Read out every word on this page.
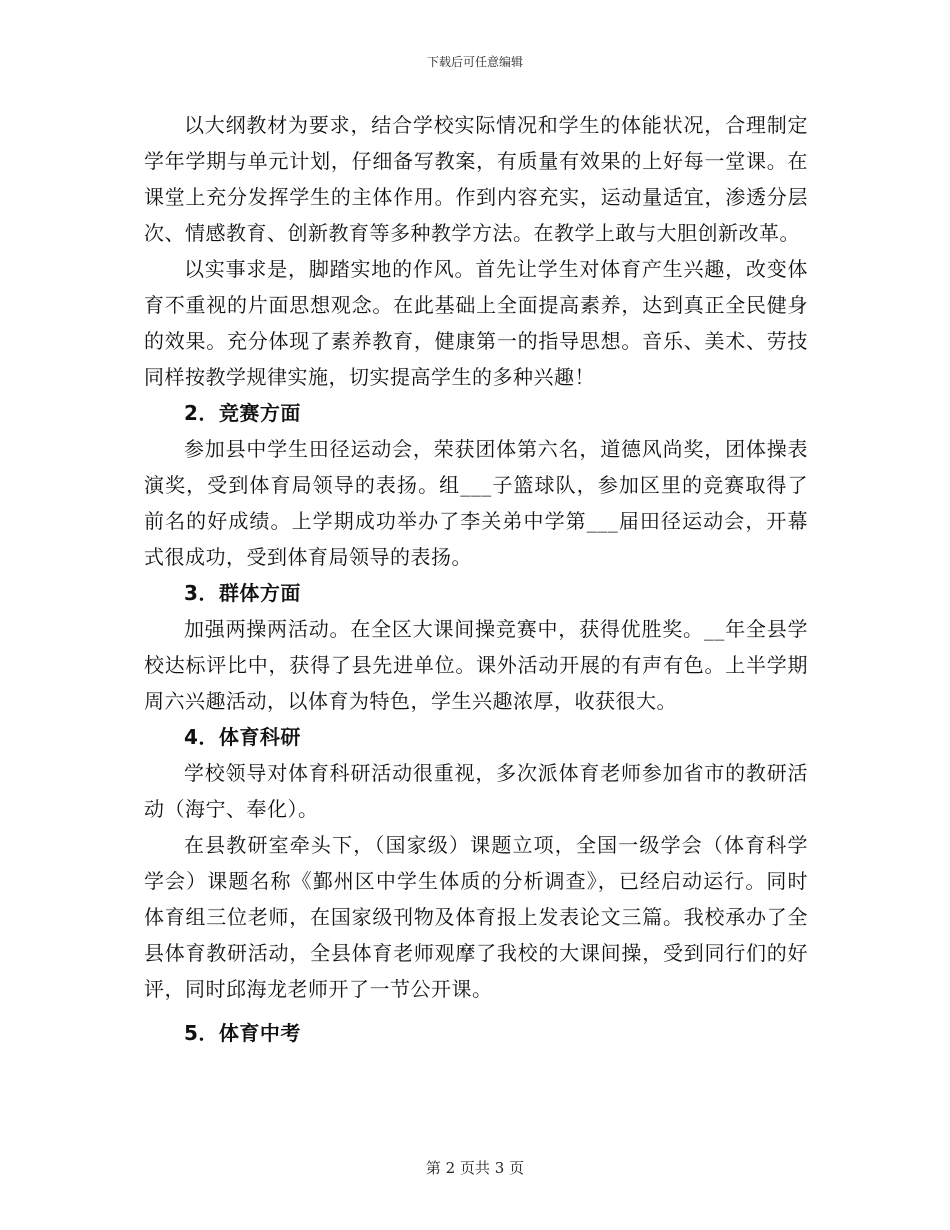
下载后可任意编辑

以大纲教材为要求，结合学校实际情况和学生的体能状况，合理制定学年学期与单元计划，仔细备写教案，有质量有效果的上好每一堂课。在课堂上充分发挥学生的主体作用。作到内容充实，运动量适宜，渗透分层次、情感教育、创新教育等多种教学方法。在教学上敢与大胆创新改革。

以实事求是，脚踏实地的作风。首先让学生对体育产生兴趣，改变体育不重视的片面思想观念。在此基础上全面提高素养，达到真正全民健身的效果。充分体现了素养教育，健康第一的指导思想。音乐、美术、劳技同样按教学规律实施，切实提高学生的多种兴趣！

2．竞赛方面

参加县中学生田径运动会，荣获团体第六名，道德风尚奖，团体操表演奖，受到体育局领导的表扬。组___子篮球队，参加区里的竞赛取得了前名的好成绩。上学期成功举办了李关弟中学第___届田径运动会，开幕式很成功，受到体育局领导的表扬。

3．群体方面

加强两操两活动。在全区大课间操竞赛中，获得优胜奖。__年全县学校达标评比中，获得了县先进单位。课外活动开展的有声有色。上半学期周六兴趣活动，以体育为特色，学生兴趣浓厚，收获很大。

4．体育科研

学校领导对体育科研活动很重视，多次派体育老师参加省市的教研活动（海宁、奉化）。

在县教研室牵头下，（国家级）课题立项，全国一级学会（体育科学学会）课题名称《鄞州区中学生体质的分析调查》，已经启动运行。同时体育组三位老师，在国家级刊物及体育报上发表论文三篇。我校承办了全县体育教研活动，全县体育老师观摩了我校的大课间操，受到同行们的好评，同时邱海龙老师开了一节公开课。

5．体育中考
第 2 页共 3 页
